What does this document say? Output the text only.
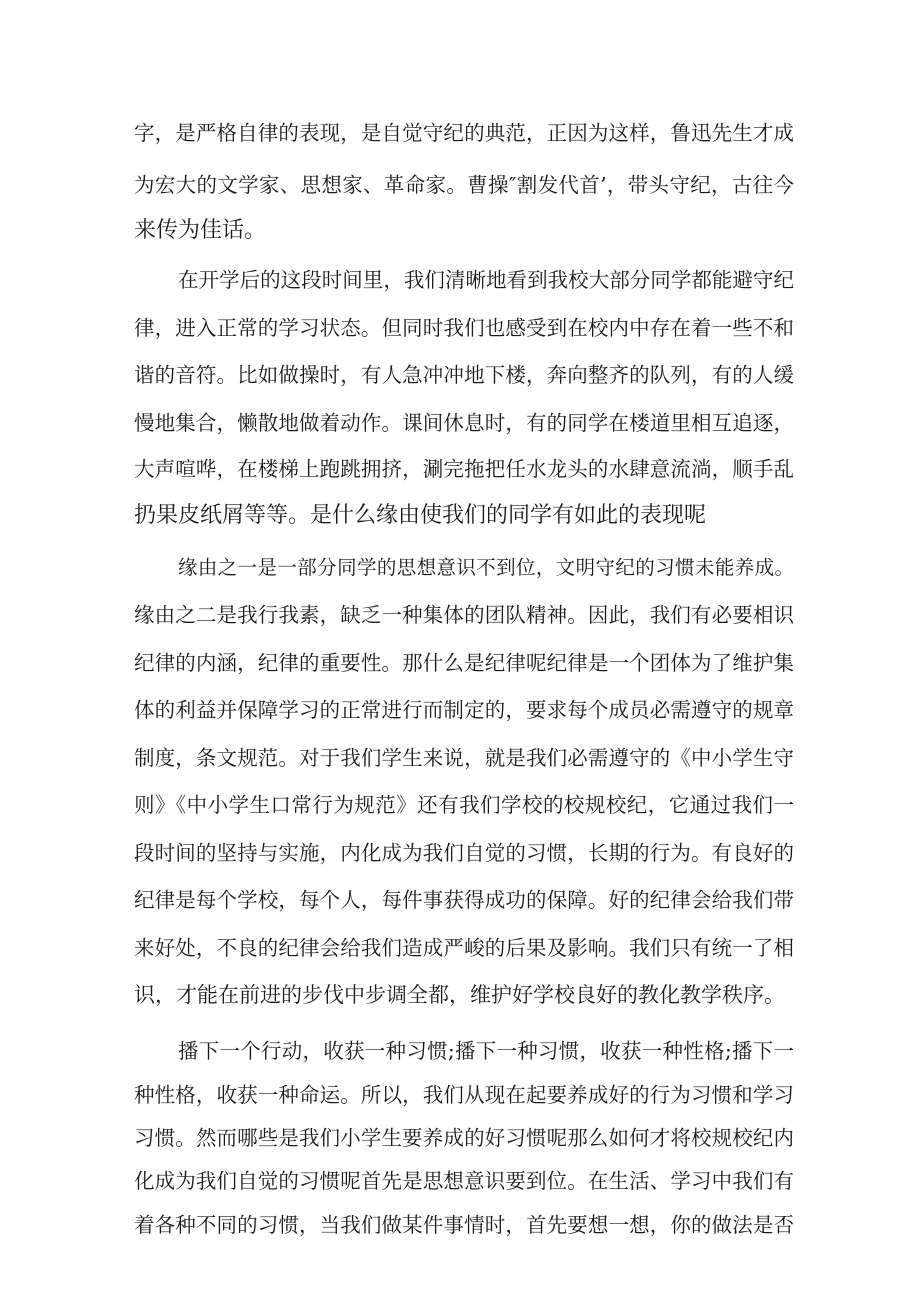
字，是严格自律的表现，是自觉守纪的典范，正因为这样，鲁迅先生才成
为宏大的文学家、思想家、革命家。曹操″割发代首’，带头守纪，古往今
来传为佳话。
在开学后的这段时间里，我们清晰地看到我校大部分同学都能避守纪
律，进入正常的学习状态。但同时我们也感受到在校内中存在着一些不和
谐的音符。比如做操时，有人急冲冲地下楼，奔向整齐的队列，有的人缓
慢地集合，懒散地做着动作。课间休息时，有的同学在楼道里相互追逐，
大声喧哗，在楼梯上跑跳拥挤，涮完拖把任水龙头的水肆意流淌，顺手乱
扔果皮纸屑等等。是什么缘由使我们的同学有如此的表现呢
缘由之一是一部分同学的思想意识不到位，文明守纪的习惯未能养成。
缘由之二是我行我素，缺乏一种集体的团队精神。因此，我们有必要相识
纪律的内涵，纪律的重要性。那什么是纪律呢纪律是一个团体为了维护集
体的利益并保障学习的正常进行而制定的，要求每个成员必需遵守的规章
制度，条文规范。对于我们学生来说，就是我们必需遵守的《中小学生守
则》《中小学生口常行为规范》还有我们学校的校规校纪，它通过我们一
段时间的坚持与实施，内化成为我们自觉的习惯，长期的行为。有良好的
纪律是每个学校，每个人，每件事获得成功的保障。好的纪律会给我们带
来好处，不良的纪律会给我们造成严峻的后果及影响。我们只有统一了相
识，才能在前进的步伐中步调全都，维护好学校良好的教化教学秩序。
播下一个行动，收获一种习惯;播下一种习惯，收获一种性格;播下一
种性格，收获一种命运。所以，我们从现在起要养成好的行为习惯和学习
习惯。然而哪些是我们小学生要养成的好习惯呢那么如何才将校规校纪内
化成为我们自觉的习惯呢首先是思想意识要到位。在生活、学习中我们有
着各种不同的习惯，当我们做某件事情时，首先要想一想，你的做法是否
